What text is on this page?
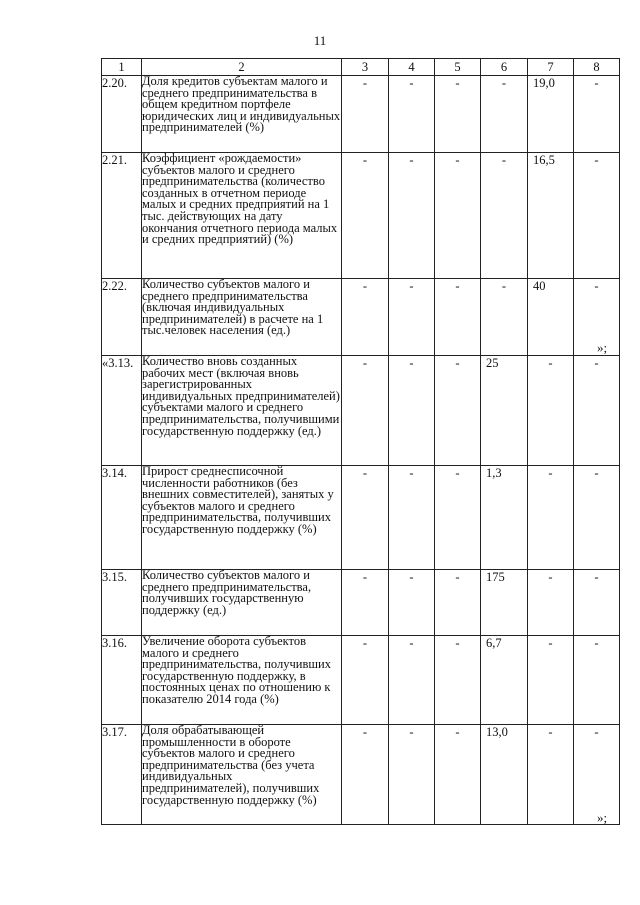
11
1	2	3	4	5	6	7	8
2.20.	Доля кредитов субъектам малого и среднего предпринимательства в общем кредитном портфеле юридических лиц и индивидуальных предпринимателей (%)	-	-	-	-	19,0	-
2.21.	Коэффициент «рождаемости» субъектов малого и среднего предпринимательства (количество созданных в отчетном периоде малых и средних предприятий на 1 тыс. действующих на дату окончания отчетного периода малых и средних предприятий) (%)	-	-	-	-	16,5	-
2.22.	Количество субъектов малого и среднего предпринимательства (включая индивидуальных предпринимателей) в расчете на 1 тыс.человек населения (ед.)	-	-	-	-	40	-
«3.13.	Количество вновь созданных рабочих мест (включая вновь зарегистрированных индивидуальных предпринимателей) субъектами малого и среднего предпринимательства, получившими государственную поддержку (ед.)	-	-	-	25	-	-
3.14.	Прирост среднесписочной численности работников (без внешних совместителей), занятых у субъектов малого и среднего предпринимательства, получивших государственную поддержку (%)	-	-	-	1,3	-	-
3.15.	Количество субъектов малого и среднего предпринимательства, получивших государственную поддержку (ед.)	-	-	-	175	-	-
3.16.	Увеличение оборота субъектов малого и среднего предпринимательства, получивших государственную поддержку, в постоянных ценах по отношению к показателю 2014 года (%)	-	-	-	6,7	-	-
3.17.	Доля обрабатывающей промышленности в обороте субъектов малого и среднего предпринимательства (без учета индивидуальных предпринимателей), получивших государственную поддержку (%)	-	-	-	13,0	-	-
»;
»;
